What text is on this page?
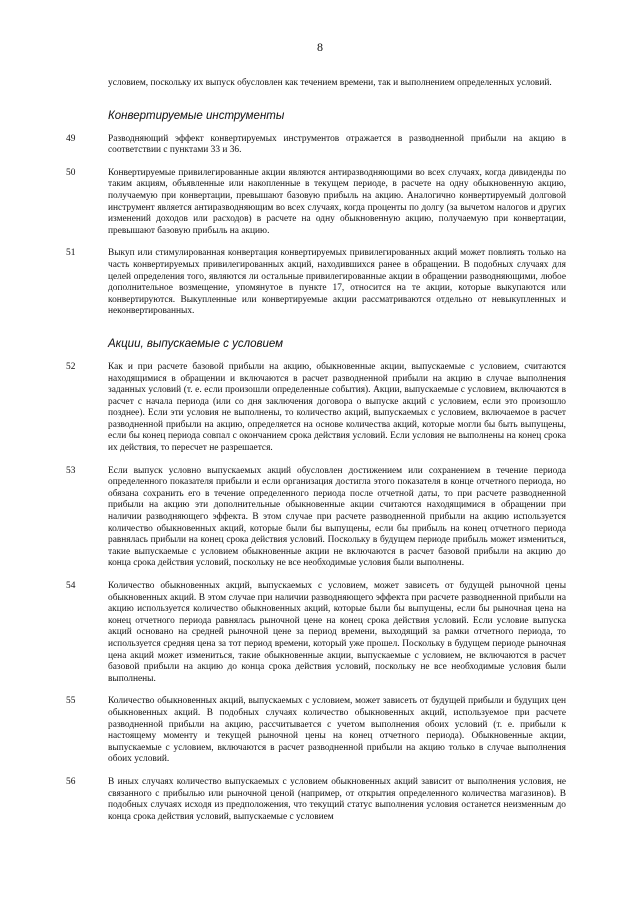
8

условием, поскольку их выпуск обусловлен как течением времени, так и выполнением определенных условий.

Конвертируемые инструменты
49	Разводняющий эффект конвертируемых инструментов отражается в разводненной прибыли на акцию в соответствии с пунктами 33 и 36.
50	Конвертируемые привилегированные акции являются антиразводняющими во всех случаях, когда дивиденды по таким акциям, объявленные или накопленные в текущем периоде, в расчете на одну обыкновенную акцию, получаемую при конвертации, превышают базовую прибыль на акцию. Аналогично конвертируемый долговой инструмент является антиразводняющим во всех случаях, когда проценты по долгу (за вычетом налогов и других изменений доходов или расходов) в расчете на одну обыкновенную акцию, получаемую при конвертации, превышают базовую прибыль на акцию.
51	Выкуп или стимулированная конвертация конвертируемых привилегированных акций может повлиять только на часть конвертируемых привилегированных акций, находившихся ранее в обращении. В подобных случаях для целей определения того, являются ли остальные привилегированные акции в обращении разводняющими, любое дополнительное возмещение, упомянутое в пункте 17, относится на те акции, которые выкупаются или конвертируются. Выкупленные или конвертируемые акции рассматриваются отдельно от невыкупленных и неконвертированных.
Акции, выпускаемые с условием
52	Как и при расчете базовой прибыли на акцию, обыкновенные акции, выпускаемые с условием, считаются находящимися в обращении и включаются в расчет разводненной прибыли на акцию в случае выполнения заданных условий (т. е. если произошли определенные события). Акции, выпускаемые с условием, включаются в расчет с начала периода (или со дня заключения договора о выпуске акций с условием, если это произошло позднее). Если эти условия не выполнены, то количество акций, выпускаемых с условием, включаемое в расчет разводненной прибыли на акцию, определяется на основе количества акций, которые могли бы быть выпущены, если бы конец периода совпал с окончанием срока действия условий. Если условия не выполнены на конец срока их действия, то пересчет не разрешается.
53	Если выпуск условно выпускаемых акций обусловлен достижением или сохранением в течение периода определенного показателя прибыли и если организация достигла этого показателя в конце отчетного периода, но обязана сохранить его в течение определенного периода после отчетной даты, то при расчете разводненной прибыли на акцию эти дополнительные обыкновенные акции считаются находящимися в обращении при наличии разводняющего эффекта. В этом случае при расчете разводненной прибыли на акцию используется количество обыкновенных акций, которые были бы выпущены, если бы прибыль на конец отчетного периода равнялась прибыли на конец срока действия условий. Поскольку в будущем периоде прибыль может измениться, такие выпускаемые с условием обыкновенные акции не включаются в расчет базовой прибыли на акцию до конца срока действия условий, поскольку не все необходимые условия были выполнены.
54	Количество обыкновенных акций, выпускаемых с условием, может зависеть от будущей рыночной цены обыкновенных акций. В этом случае при наличии разводняющего эффекта при расчете разводненной прибыли на акцию используется количество обыкновенных акций, которые были бы выпущены, если бы рыночная цена на конец отчетного периода равнялась рыночной цене на конец срока действия условий. Если условие выпуска акций основано на средней рыночной цене за период времени, выходящий за рамки отчетного периода, то используется средняя цена за тот период времени, который уже прошел. Поскольку в будущем периоде рыночная цена акций может измениться, такие обыкновенные акции, выпускаемые с условием, не включаются в расчет базовой прибыли на акцию до конца срока действия условий, поскольку не все необходимые условия были выполнены.
55	Количество обыкновенных акций, выпускаемых с условием, может зависеть от будущей прибыли и будущих цен обыкновенных акций. В подобных случаях количество обыкновенных акций, используемое при расчете разводненной прибыли на акцию, рассчитывается с учетом выполнения обоих условий (т. е. прибыли к настоящему моменту и текущей рыночной цены на конец отчетного периода). Обыкновенные акции, выпускаемые с условием, включаются в расчет разводненной прибыли на акцию только в случае выполнения обоих условий.
56	В иных случаях количество выпускаемых с условием обыкновенных акций зависит от выполнения условия, не связанного с прибылью или рыночной ценой (например, от открытия определенного количества магазинов). В подобных случаях исходя из предположения, что текущий статус выполнения условия останется неизменным до конца срока действия условий, выпускаемые с условием
